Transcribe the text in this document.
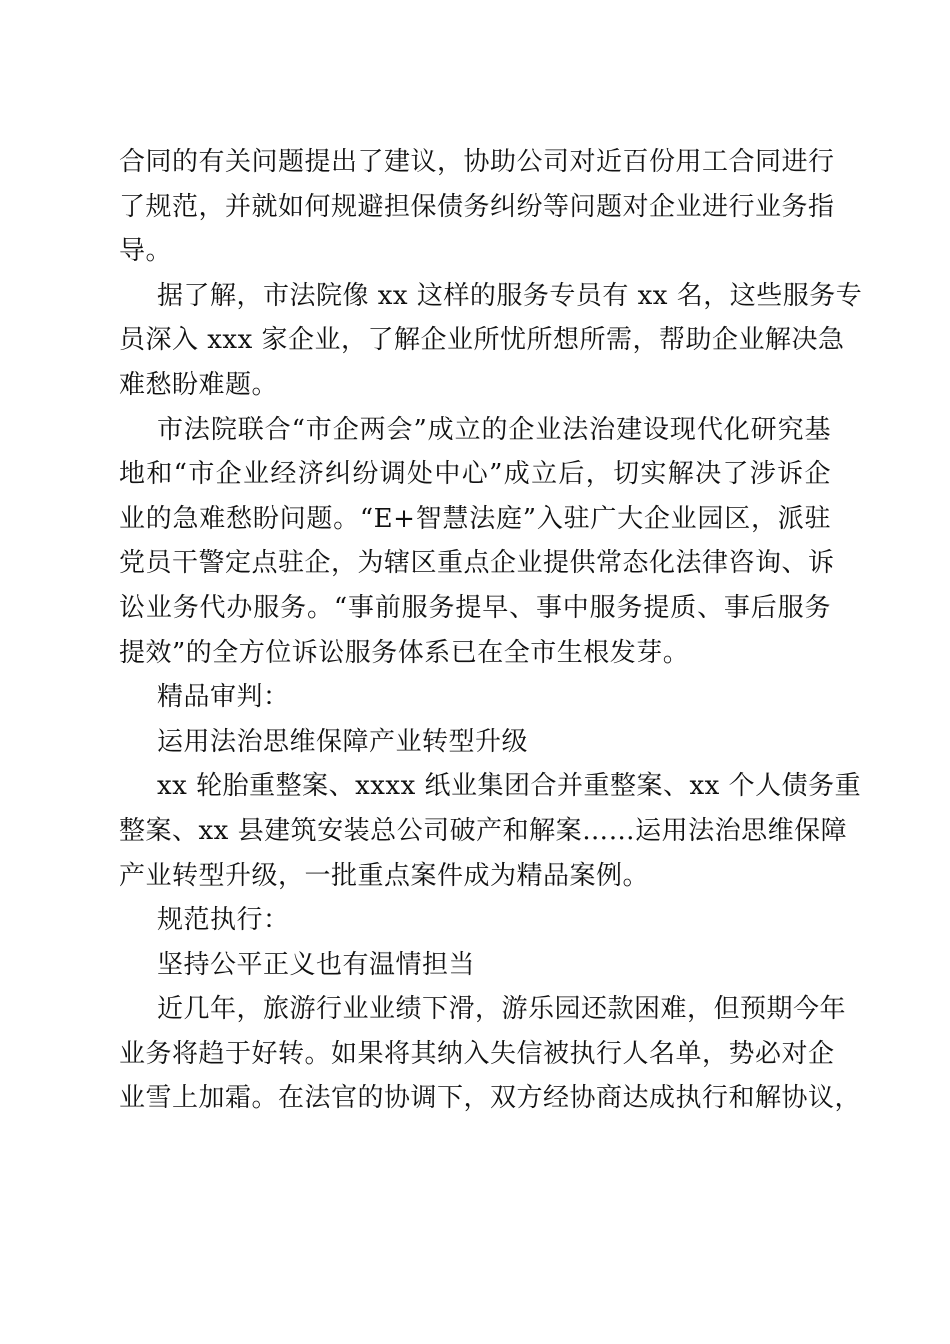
合同的有关问题提出了建议，协助公司对近百份用工合同进行
了规范，并就如何规避担保债务纠纷等问题对企业进行业务指
导。
据了解，市法院像 xx 这样的服务专员有 xx 名，这些服务专
员深入 xxx 家企业，了解企业所忧所想所需，帮助企业解决急
难愁盼难题。
市法院联合“市企两会”成立的企业法治建设现代化研究基
地和“市企业经济纠纷调处中心”成立后，切实解决了涉诉企
业的急难愁盼问题。“E+智慧法庭”入驻广大企业园区，派驻
党员干警定点驻企，为辖区重点企业提供常态化法律咨询、诉
讼业务代办服务。“事前服务提早、事中服务提质、事后服务
提效”的全方位诉讼服务体系已在全市生根发芽。
精品审判：
运用法治思维保障产业转型升级
xx 轮胎重整案、xxxx 纸业集团合并重整案、xx 个人债务重
整案、xx 县建筑安装总公司破产和解案……运用法治思维保障
产业转型升级，一批重点案件成为精品案例。
规范执行：
坚持公平正义也有温情担当
近几年，旅游行业业绩下滑，游乐园还款困难，但预期今年
业务将趋于好转。如果将其纳入失信被执行人名单，势必对企
业雪上加霜。在法官的协调下，双方经协商达成执行和解协议，
